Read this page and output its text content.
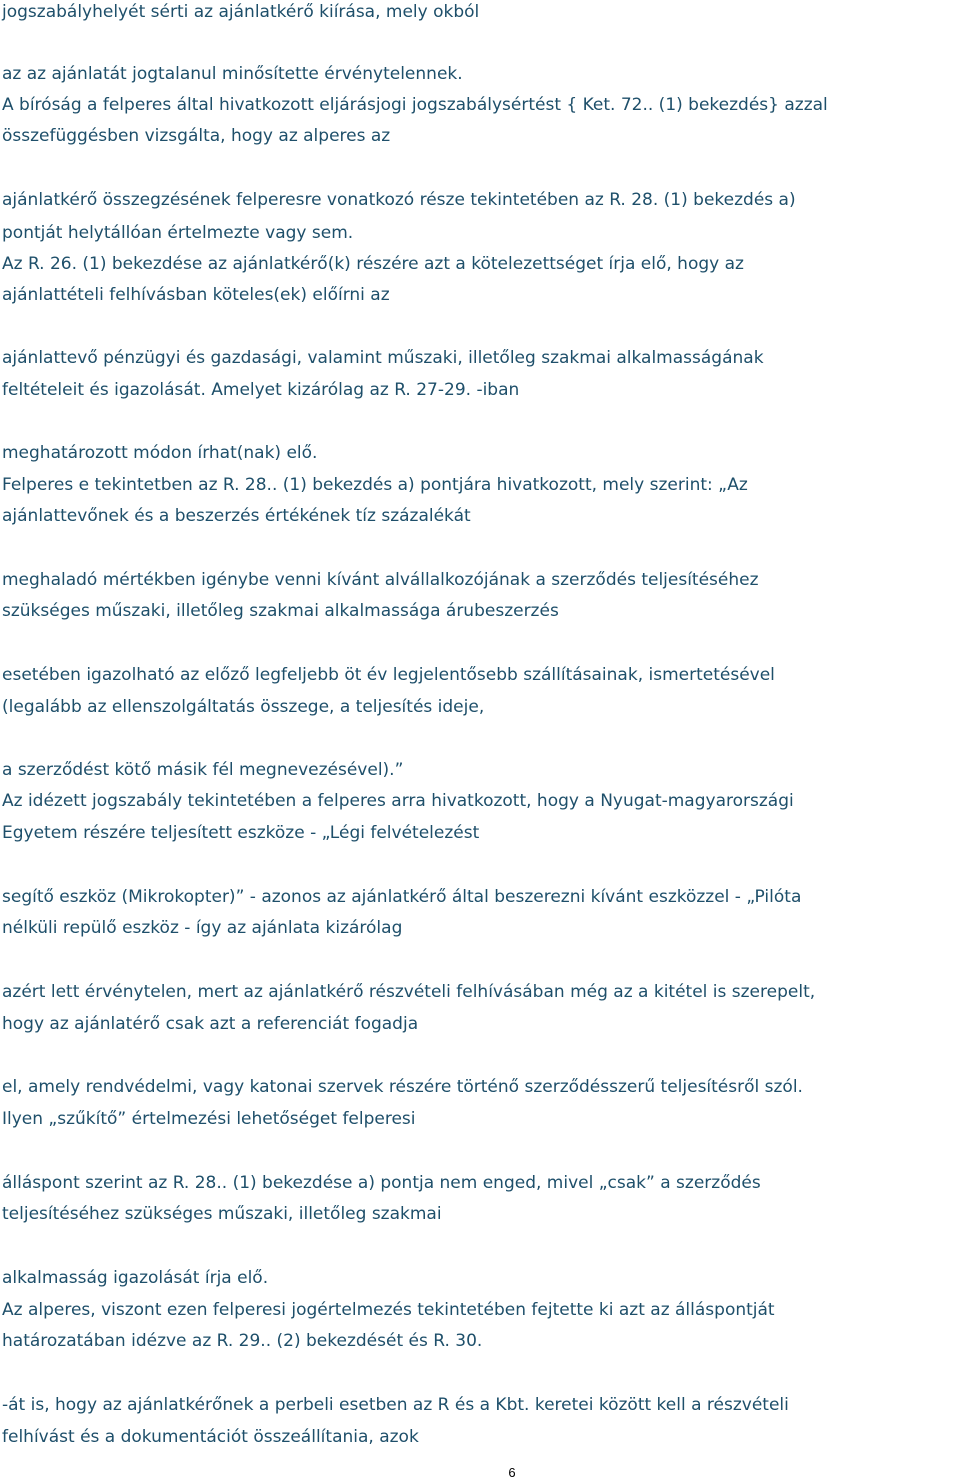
jogszabályhelyét sérti az ajánlatkérő kiírása, mely okból
az az ajánlatát jogtalanul minősítette érvénytelennek.
A bíróság a felperes által hivatkozott eljárásjogi jogszabálysértést { Ket. 72.. (1) bekezdés} azzal
összefüggésben vizsgálta, hogy az alperes az
ajánlatkérő összegzésének felperesre vonatkozó része tekintetében az R. 28. (1) bekezdés a)
pontját helytállóan értelmezte vagy sem.
Az R. 26. (1) bekezdése az ajánlatkérő(k) részére azt a kötelezettséget írja elő, hogy az
ajánlattételi felhívásban köteles(ek) előírni az
ajánlattevő pénzügyi és gazdasági, valamint műszaki, illetőleg szakmai alkalmasságának
feltételeit és igazolását. Amelyet kizárólag az R. 27-29. -iban
meghatározott módon írhat(nak) elő.
Felperes e tekintetben az R. 28.. (1) bekezdés a) pontjára hivatkozott, mely szerint: „Az
ajánlattevőnek és a beszerzés értékének tíz százalékát
meghaladó mértékben igénybe venni kívánt alvállalkozójának a szerződés teljesítéséhez
szükséges műszaki, illetőleg szakmai alkalmassága árubeszerzés
esetében igazolható az előző legfeljebb öt év legjelentősebb szállításainak, ismertetésével
(legalább az ellenszolgáltatás összege, a teljesítés ideje,
a szerződést kötő másik fél megnevezésével).”
Az idézett jogszabály tekintetében a felperes arra hivatkozott, hogy a Nyugat-magyarországi
Egyetem részére teljesített eszköze - „Légi felvételezést
segítő eszköz (Mikrokopter)” - azonos az ajánlatkérő által beszerezni kívánt eszközzel - „Pilóta
nélküli repülő eszköz - így az ajánlata kizárólag
azért lett érvénytelen, mert az ajánlatkérő részvételi felhívásában még az a kitétel is szerepelt,
hogy az ajánlatérő csak azt a referenciát fogadja
el, amely rendvédelmi, vagy katonai szervek részére történő szerződésszerű teljesítésről szól.
Ilyen „szűkítő” értelmezési lehetőséget felperesi
álláspont szerint az R. 28.. (1) bekezdése a) pontja nem enged, mivel „csak” a szerződés
teljesítéséhez szükséges műszaki, illetőleg szakmai
alkalmasság igazolását írja elő.
Az alperes, viszont ezen felperesi jogértelmezés tekintetében fejtette ki azt az álláspontját
határozatában idézve az R. 29.. (2) bekezdését és R. 30.
-át is, hogy az ajánlatkérőnek a perbeli esetben az R és a Kbt. keretei között kell a részvételi
felhívást és a dokumentációt összeállítania, azok
6
